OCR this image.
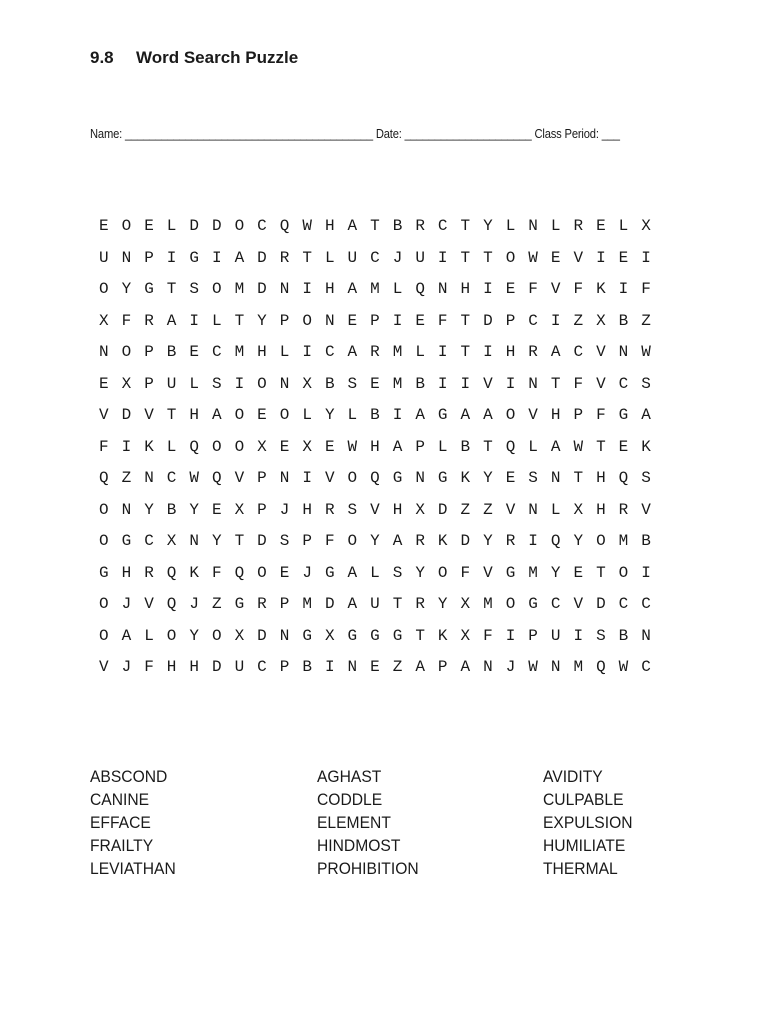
9.8 Word Search Puzzle
Name: _________________________________________ Date: _____________________ Class Period: ___
E O E L D D O C Q W H A T B R C T Y L N L R E L X
U N P I G I A D R T L U C J U I T T O W E V I E I
O Y G T S O M D N I H A M L Q N H I E F V F K I F
X F R A I L T Y P O N E P I E F T D P C I Z X B Z
N O P B E C M H L I C A R M L I T I H R A C V N W
E X P U L S I O N X B S E M B I I V I N T F V C S
V D V T H A O E O L Y L B I A G A A O V H P F G A
F I K L Q O O X E X E W H A P L B T Q L A W T E K
Q Z N C W Q V P N I V O Q G N G K Y E S N T H Q S
O N Y B Y E X P J H R S V H X D Z Z V N L X H R V
O G C X N Y T D S P F O Y A R K D Y R I Q Y O M B
G H R Q K F Q O E J G A L S Y O F V G M Y E T O I
O J V Q J Z G R P M D A U T R Y X M O G C V D C C
O A L O Y O X D N G X G G G T K X F I P U I S B N
V J F H H D U C P B I N E Z A P A N J W N M Q W C
ABSCOND
CANINE
EFFACE
FRAILTY
LEVIATHAN
AGHAST
CODDLE
ELEMENT
HINDMOST
PROHIBITION
AVIDITY
CULPABLE
EXPULSION
HUMILIATE
THERMAL
